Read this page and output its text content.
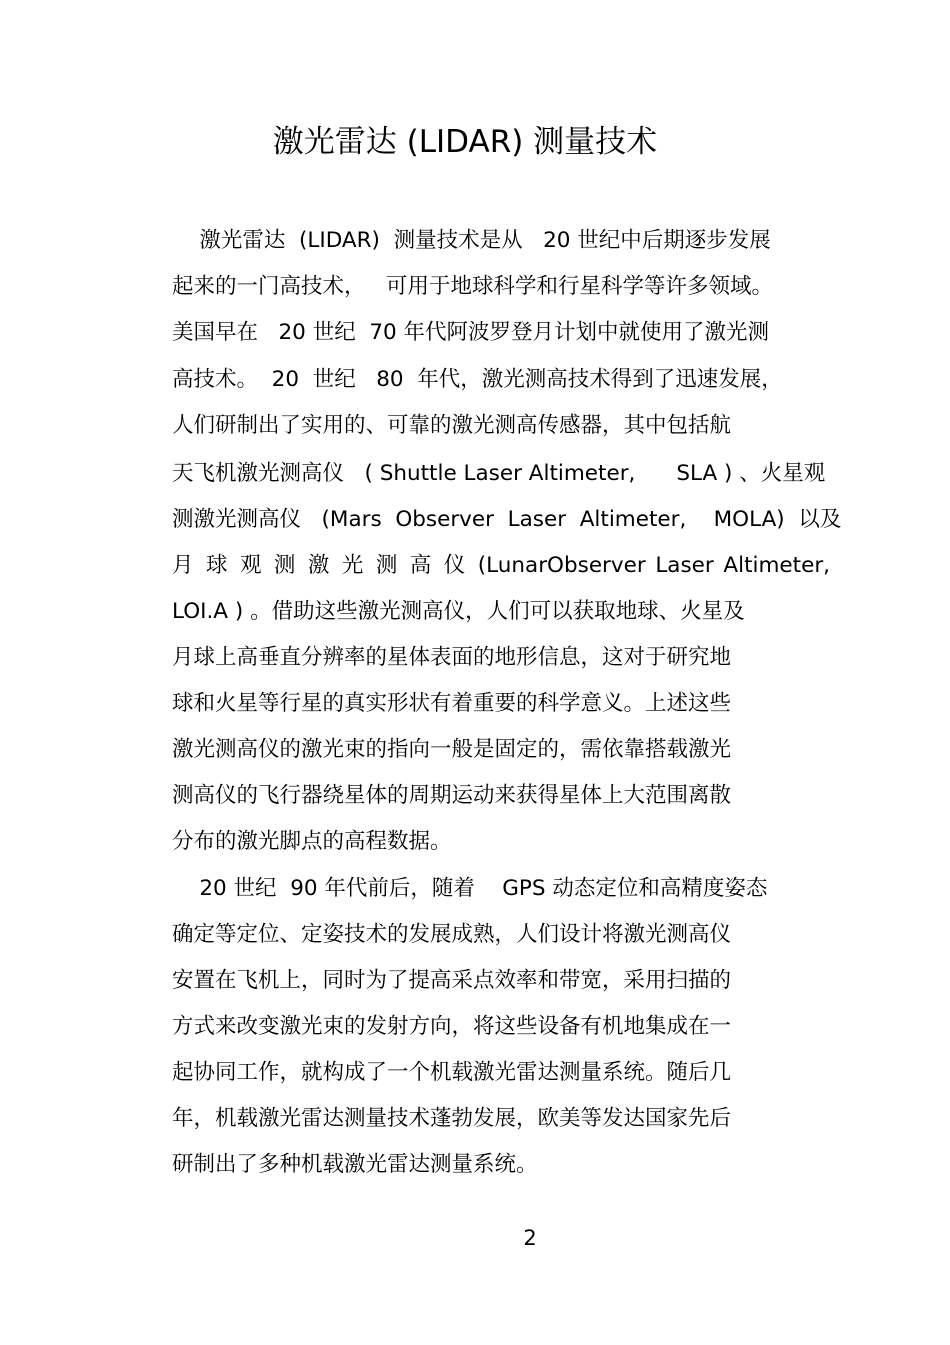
激光雷达 (LIDAR) 测量技术
激光雷达  (LIDAR)  测量技术是从   20 世纪中后期逐步发展
起来的一门高技术，   可用于地球科学和行星科学等许多领域。
美国早在   20 世纪  70 年代阿波罗登月计划中就使用了激光测
高技术。  20  世纪   80  年代，激光测高技术得到了迅速发展，
人们研制出了实用的、可靠的激光测高传感器，其中包括航
天飞机激光测高仪   ( Shuttle Laser Altimeter,      SLA ) 、火星观
测激光测高仪   (Mars  Observer  Laser  Altimeter,    MOLA)  以及
月 球 观 测 激 光 测 高 仪 (LunarObserver Laser Altimeter,
LOI.A ) 。借助这些激光测高仪，人们可以获取地球、火星及
月球上高垂直分辨率的星体表面的地形信息，这对于研究地
球和火星等行星的真实形状有着重要的科学意义。上述这些
激光测高仪的激光束的指向一般是固定的，需依靠搭载激光
测高仪的飞行器绕星体的周期运动来获得星体上大范围离散
分布的激光脚点的高程数据。
20 世纪  90 年代前后，随着    GPS 动态定位和高精度姿态
确定等定位、定姿技术的发展成熟，人们设计将激光测高仪
安置在飞机上，同时为了提高采点效率和带宽，采用扫描的
方式来改变激光束的发射方向，将这些设备有机地集成在一
起协同工作，就构成了一个机载激光雷达测量系统。随后几
年，机载激光雷达测量技术蓬勃发展，欧美等发达国家先后
研制出了多种机载激光雷达测量系统。
2
